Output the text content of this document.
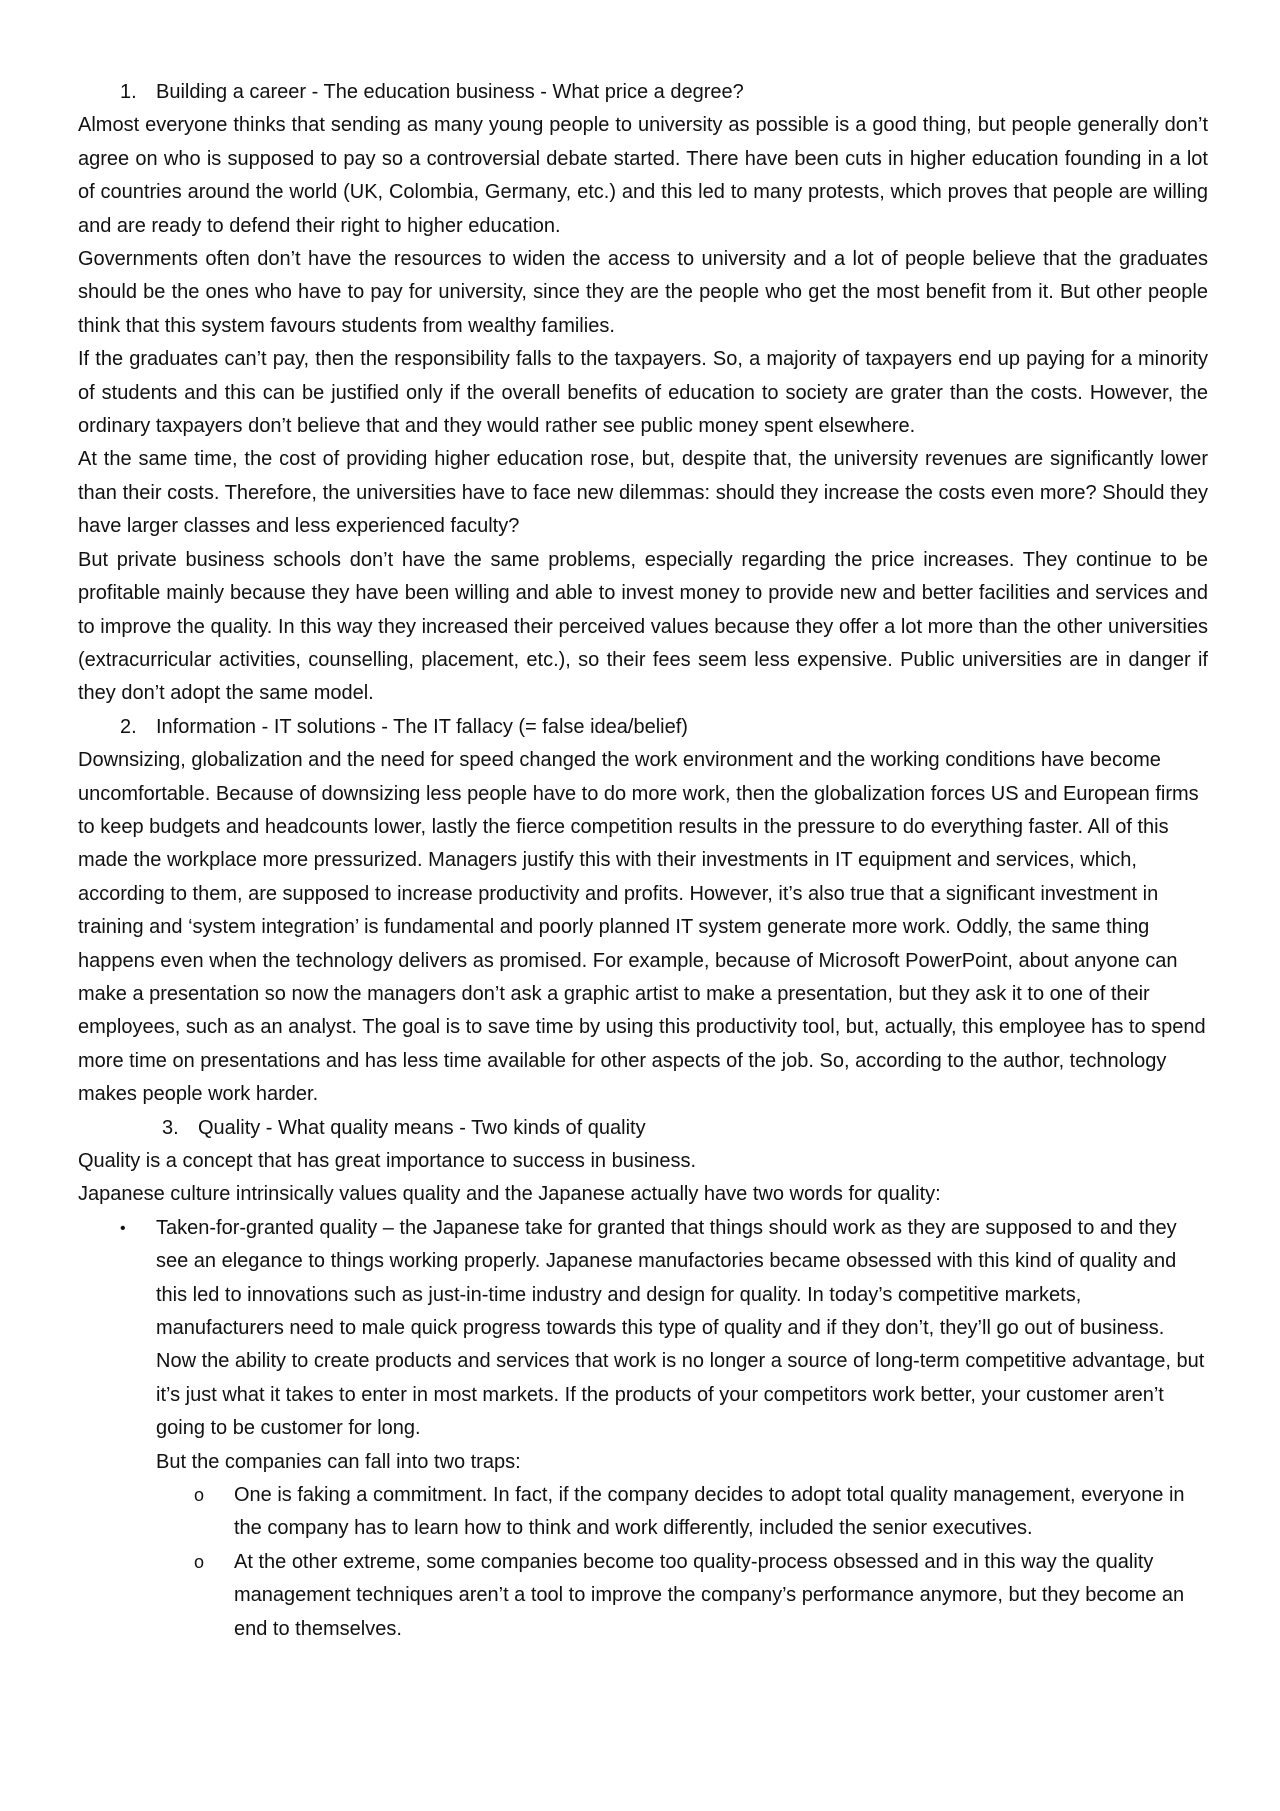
1. Building a career - The education business - What price a degree?

Almost everyone thinks that sending as many young people to university as possible is a good thing, but people generally don’t agree on who is supposed to pay so a controversial debate started. There have been cuts in higher education founding in a lot of countries around the world (UK, Colombia, Germany, etc.) and this led to many protests, which proves that people are willing and are ready to defend their right to higher education.

Governments often don’t have the resources to widen the access to university and a lot of people believe that the graduates should be the ones who have to pay for university, since they are the people who get the most benefit from it. But other people think that this system favours students from wealthy families.

If the graduates can’t pay, then the responsibility falls to the taxpayers. So, a majority of taxpayers end up paying for a minority of students and this can be justified only if the overall benefits of education to society are grater than the costs. However, the ordinary taxpayers don’t believe that and they would rather see public money spent elsewhere.

At the same time, the cost of providing higher education rose, but, despite that, the university revenues are significantly lower than their costs. Therefore, the universities have to face new dilemmas: should they increase the costs even more? Should they have larger classes and less experienced faculty?

But private business schools don’t have the same problems, especially regarding the price increases. They continue to be profitable mainly because they have been willing and able to invest money to provide new and better facilities and services and to improve the quality. In this way they increased their perceived values because they offer a lot more than the other universities (extracurricular activities, counselling, placement, etc.), so their fees seem less expensive. Public universities are in danger if they don’t adopt the same model.

2. Information - IT solutions - The IT fallacy (= false idea/belief)

Downsizing, globalization and the need for speed changed the work environment and the working conditions have become uncomfortable. Because of downsizing less people have to do more work, then the globalization forces US and European firms to keep budgets and headcounts lower, lastly the fierce competition results in the pressure to do everything faster. All of this made the workplace more pressurized. Managers justify this with their investments in IT equipment and services, which, according to them, are supposed to increase productivity and profits. However, it’s also true that a significant investment in training and ‘system integration’ is fundamental and poorly planned IT system generate more work. Oddly, the same thing happens even when the technology delivers as promised. For example, because of Microsoft PowerPoint, about anyone can make a presentation so now the managers don’t ask a graphic artist to make a presentation, but they ask it to one of their employees, such as an analyst. The goal is to save time by using this productivity tool, but, actually, this employee has to spend more time on presentations and has less time available for other aspects of the job. So, according to the author, technology makes people work harder.

3. Quality - What quality means - Two kinds of quality

Quality is a concept that has great importance to success in business.

Japanese culture intrinsically values quality and the Japanese actually have two words for quality:

•	Taken-for-granted quality – the Japanese take for granted that things should work as they are supposed to and they see an elegance to things working properly. Japanese manufactories became obsessed with this kind of quality and this led to innovations such as just-in-time industry and design for quality. In today’s competitive markets, manufacturers need to male quick progress towards this type of quality and if they don’t, they’ll go out of business. Now the ability to create products and services that work is no longer a source of long-term competitive advantage, but it’s just what it takes to enter in most markets. If the products of your competitors work better, your customer aren’t going to be customer for long.

But the companies can fall into two traps:

o	One is faking a commitment. In fact, if the company decides to adopt total quality management, everyone in the company has to learn how to think and work differently, included the senior executives.
o	At the other extreme, some companies become too quality-process obsessed and in this way the quality management techniques aren’t a tool to improve the company’s performance anymore, but they become an end to themselves.
